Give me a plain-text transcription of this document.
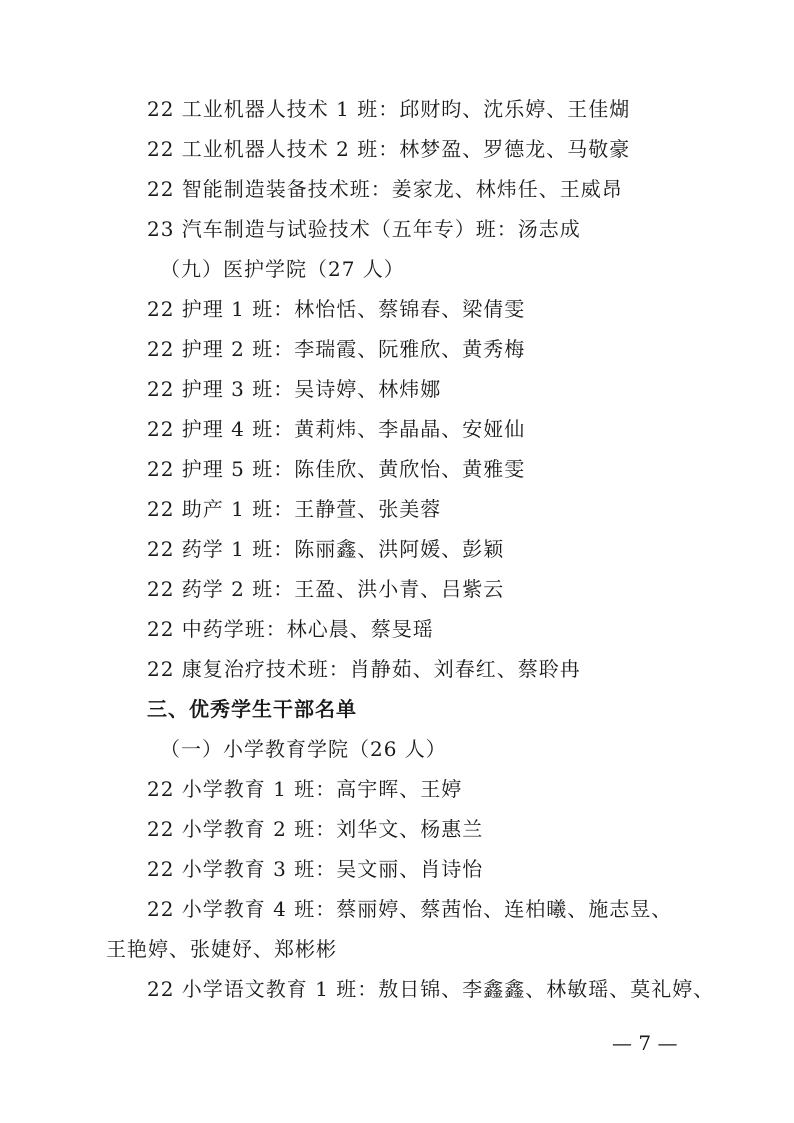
22 工业机器人技术 1 班：邱财昀、沈乐婷、王佳煳
22 工业机器人技术 2 班：林梦盈、罗德龙、马敬豪
22 智能制造装备技术班：姜家龙、林炜任、王威昂
23 汽车制造与试验技术（五年专）班：汤志成
（九）医护学院（27 人）
22 护理 1 班：林怡恬、蔡锦春、梁倩雯
22 护理 2 班：李瑞霞、阮雅欣、黄秀梅
22 护理 3 班：吴诗婷、林炜娜
22 护理 4 班：黄莉炜、李晶晶、安娅仙
22 护理 5 班：陈佳欣、黄欣怡、黄雅雯
22 助产 1 班：王静萱、张美蓉
22 药学 1 班：陈丽鑫、洪阿媛、彭颖
22 药学 2 班：王盈、洪小青、吕紫云
22 中药学班：林心晨、蔡旻瑶
22 康复治疗技术班：肖静茹、刘春红、蔡聆冉
三、优秀学生干部名单
（一）小学教育学院（26 人）
22 小学教育 1 班：高宇晖、王婷
22 小学教育 2 班：刘华文、杨惠兰
22 小学教育 3 班：吴文丽、肖诗怡
22 小学教育 4 班：蔡丽婷、蔡茜怡、连柏曦、施志昱、
王艳婷、张婕妤、郑彬彬
22 小学语文教育 1 班：敖日锦、李鑫鑫、林敏瑶、莫礼婷、
— 7 —
